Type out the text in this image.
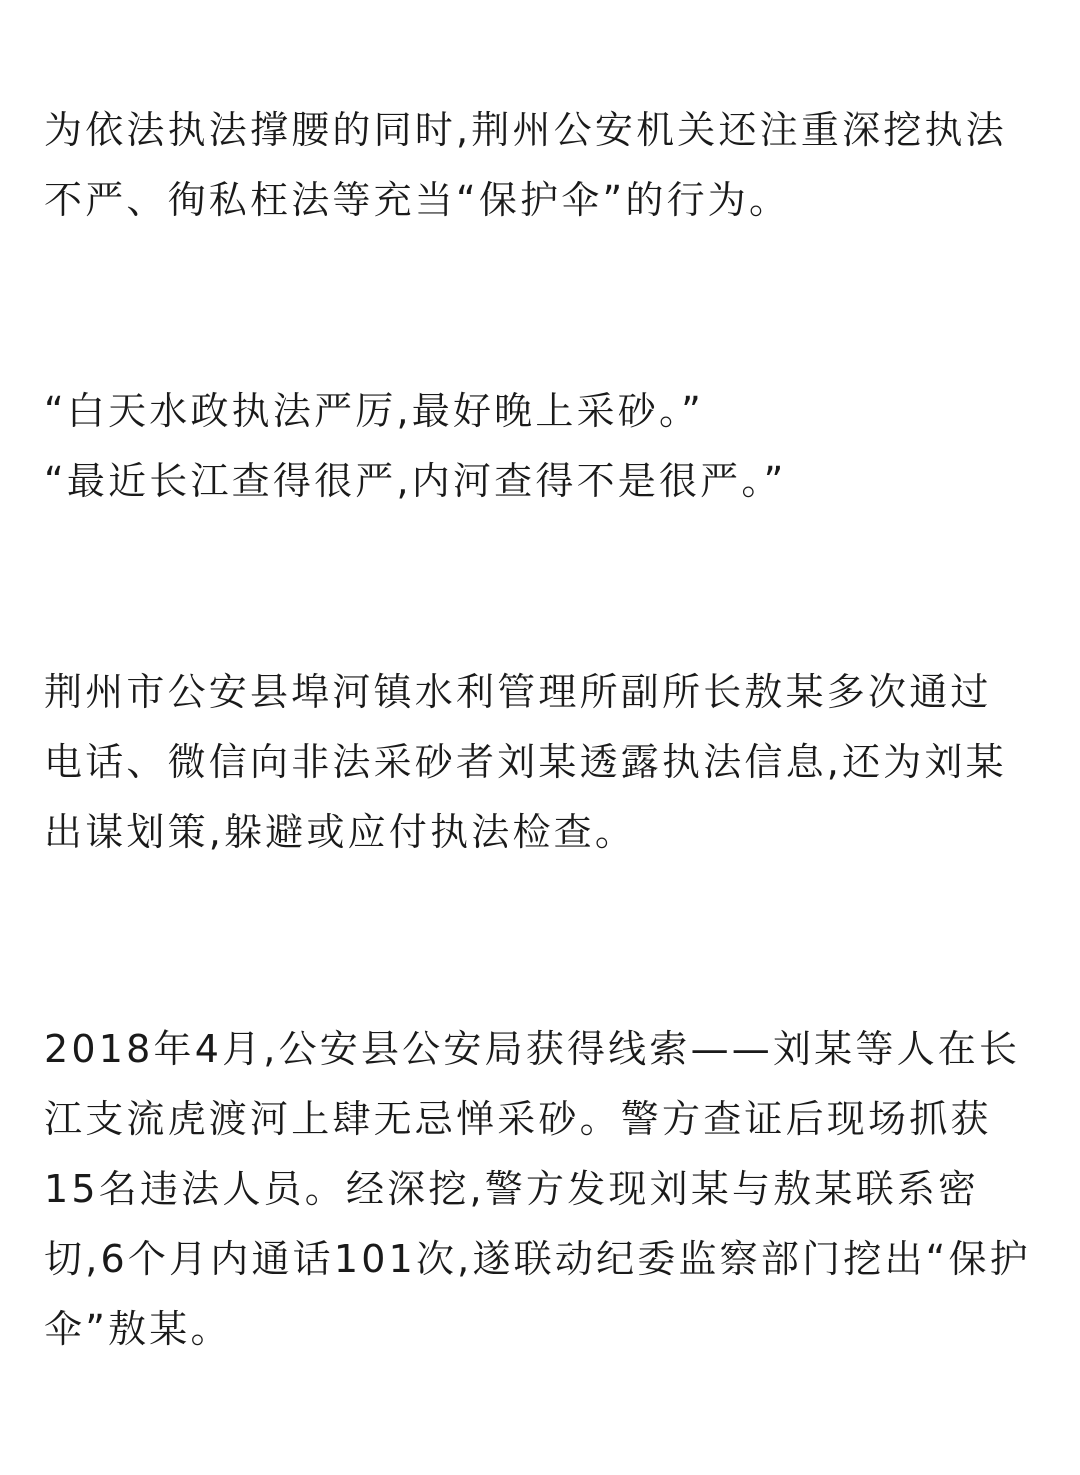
为依法执法撑腰的同时,荆州公安机关还注重深挖执法
不严、徇私枉法等充当“保护伞”的行为。
“白天水政执法严厉,最好晚上采砂。”
“最近长江查得很严,内河查得不是很严。”
荆州市公安县埠河镇水利管理所副所长敖某多次通过
电话、微信向非法采砂者刘某透露执法信息,还为刘某
出谋划策,躲避或应付执法检查。
2018年4月,公安县公安局获得线索——刘某等人在长
江支流虎渡河上肆无忌惮采砂。警方查证后现场抓获
15名违法人员。经深挖,警方发现刘某与敖某联系密
切,6个月内通话101次,遂联动纪委监察部门挖出“保护
伞”敖某。
